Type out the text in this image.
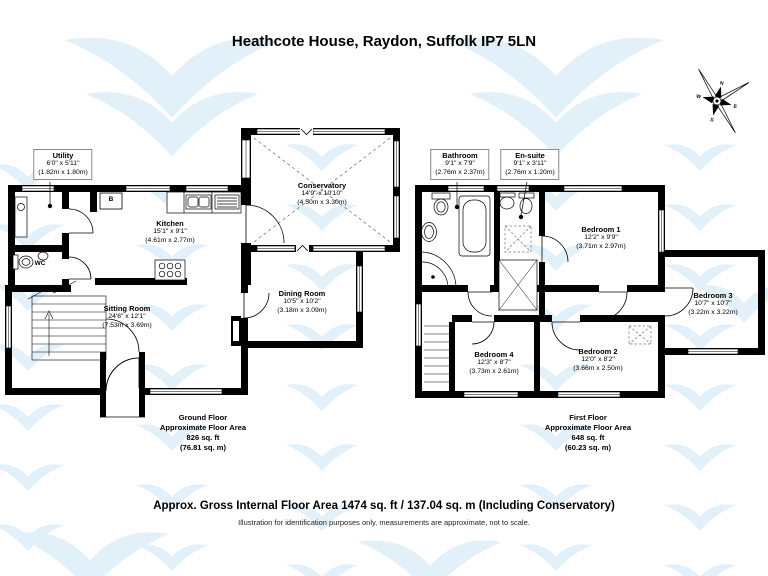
N
E
S
W
Heathcote House, Raydon, Suffolk IP7 5LN
Utility
6'0" x 5'11"
(1.82m x 1.80m)
Kitchen
15'1" x 9'1"
(4.61m x 2.77m)
Conservatory
14'9" x 10'10"
(4.50m x 3.30m)
Dining Room
10'5" x 10'2"
(3.18m x 3.09m)
Sitting Room
24'6" x 12'1"
(7.53m x 3.69m)
WC
B
Ground Floor
Approximate Floor Area
826 sq. ft
(76.81 sq. m)
Bathroom
9'1" x 7'9"
(2.76m x 2.37m)
En-suite
9'1" x 3'11"
(2.76m x 1.20m)
Bedroom 1
12'2" x 9'9"
(3.71m x 2.97m)
Bedroom 3
10'7" x 10'7"
(3.22m x 3.22m)
Bedroom 4
12'3" x 8'7"
(3.73m x 2.61m)
Bedroom 2
12'0" x 8'2"
(3.66m x 2.50m)
First Floor
Approximate Floor Area
648 sq. ft
(60.23 sq. m)
Approx. Gross Internal Floor Area 1474 sq. ft / 137.04 sq. m (Including Conservatory)
Illustration for identification purposes only, measurements are approximate, not to scale.
